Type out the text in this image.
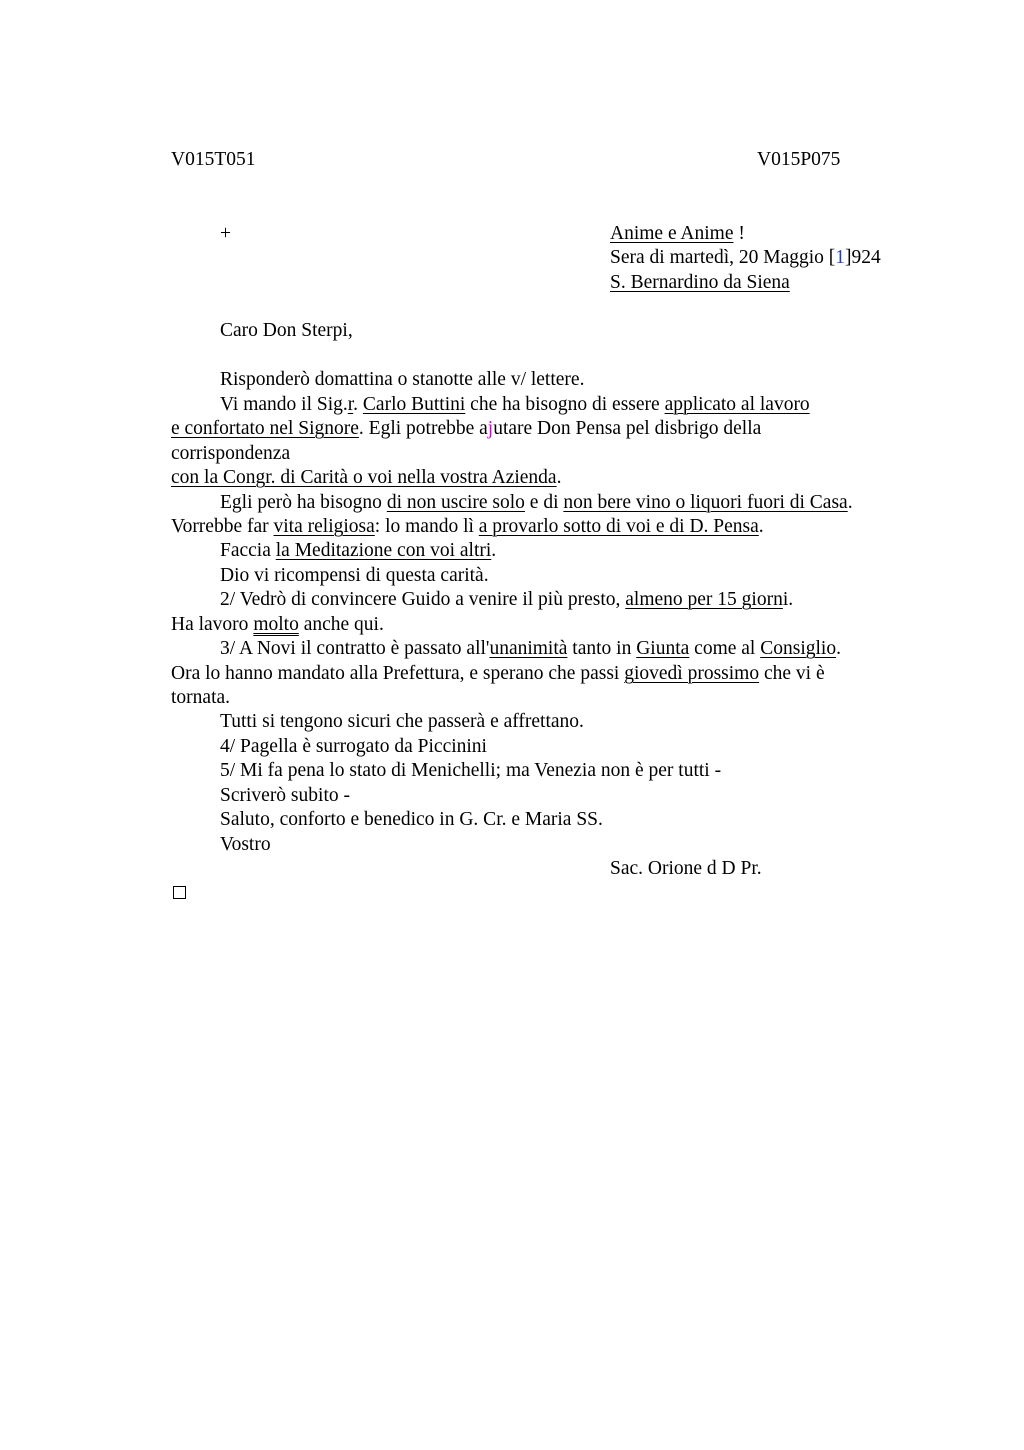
V015T051	V015P075
+	Anime e Anime !
Sera di martedì, 20 Maggio [1]924
S. Bernardino da Siena
Caro Don Sterpi,
Risponderò domattina o stanotte alle v/ lettere.
Vi mando il Sig.r. Carlo Buttini che ha bisogno di essere applicato al lavoro
e confortato nel Signore. Egli potrebbe ajutare Don Pensa pel disbrigo della
corrispondenza
con la Congr. di Carità o voi nella vostra Azienda.
Egli però ha bisogno di non uscire solo e di non bere vino o liquori fuori di Casa.
Vorrebbe far vita religiosa: lo mando lì a provarlo sotto di voi e di D. Pensa.
Faccia la Meditazione con voi altri.
Dio vi ricompensi di questa carità.
2/ Vedrò di convincere Guido a venire il più presto, almeno per 15 giorni.
Ha lavoro molto anche qui.
3/ A Novi il contratto è passato all'unanimità tanto in Giunta come al Consiglio.
Ora lo hanno mandato alla Prefettura, e sperano che passi giovedì prossimo che vi è
tornata.
Tutti si tengono sicuri che passerà e affrettano.
4/ Pagella è surrogato da Piccinini
5/ Mi fa pena lo stato di Menichelli; ma Venezia non è per tutti -
Scriverò subito -
Saluto, conforto e benedico in G. Cr. e Maria SS.
Vostro
Sac. Orione d D Pr.
